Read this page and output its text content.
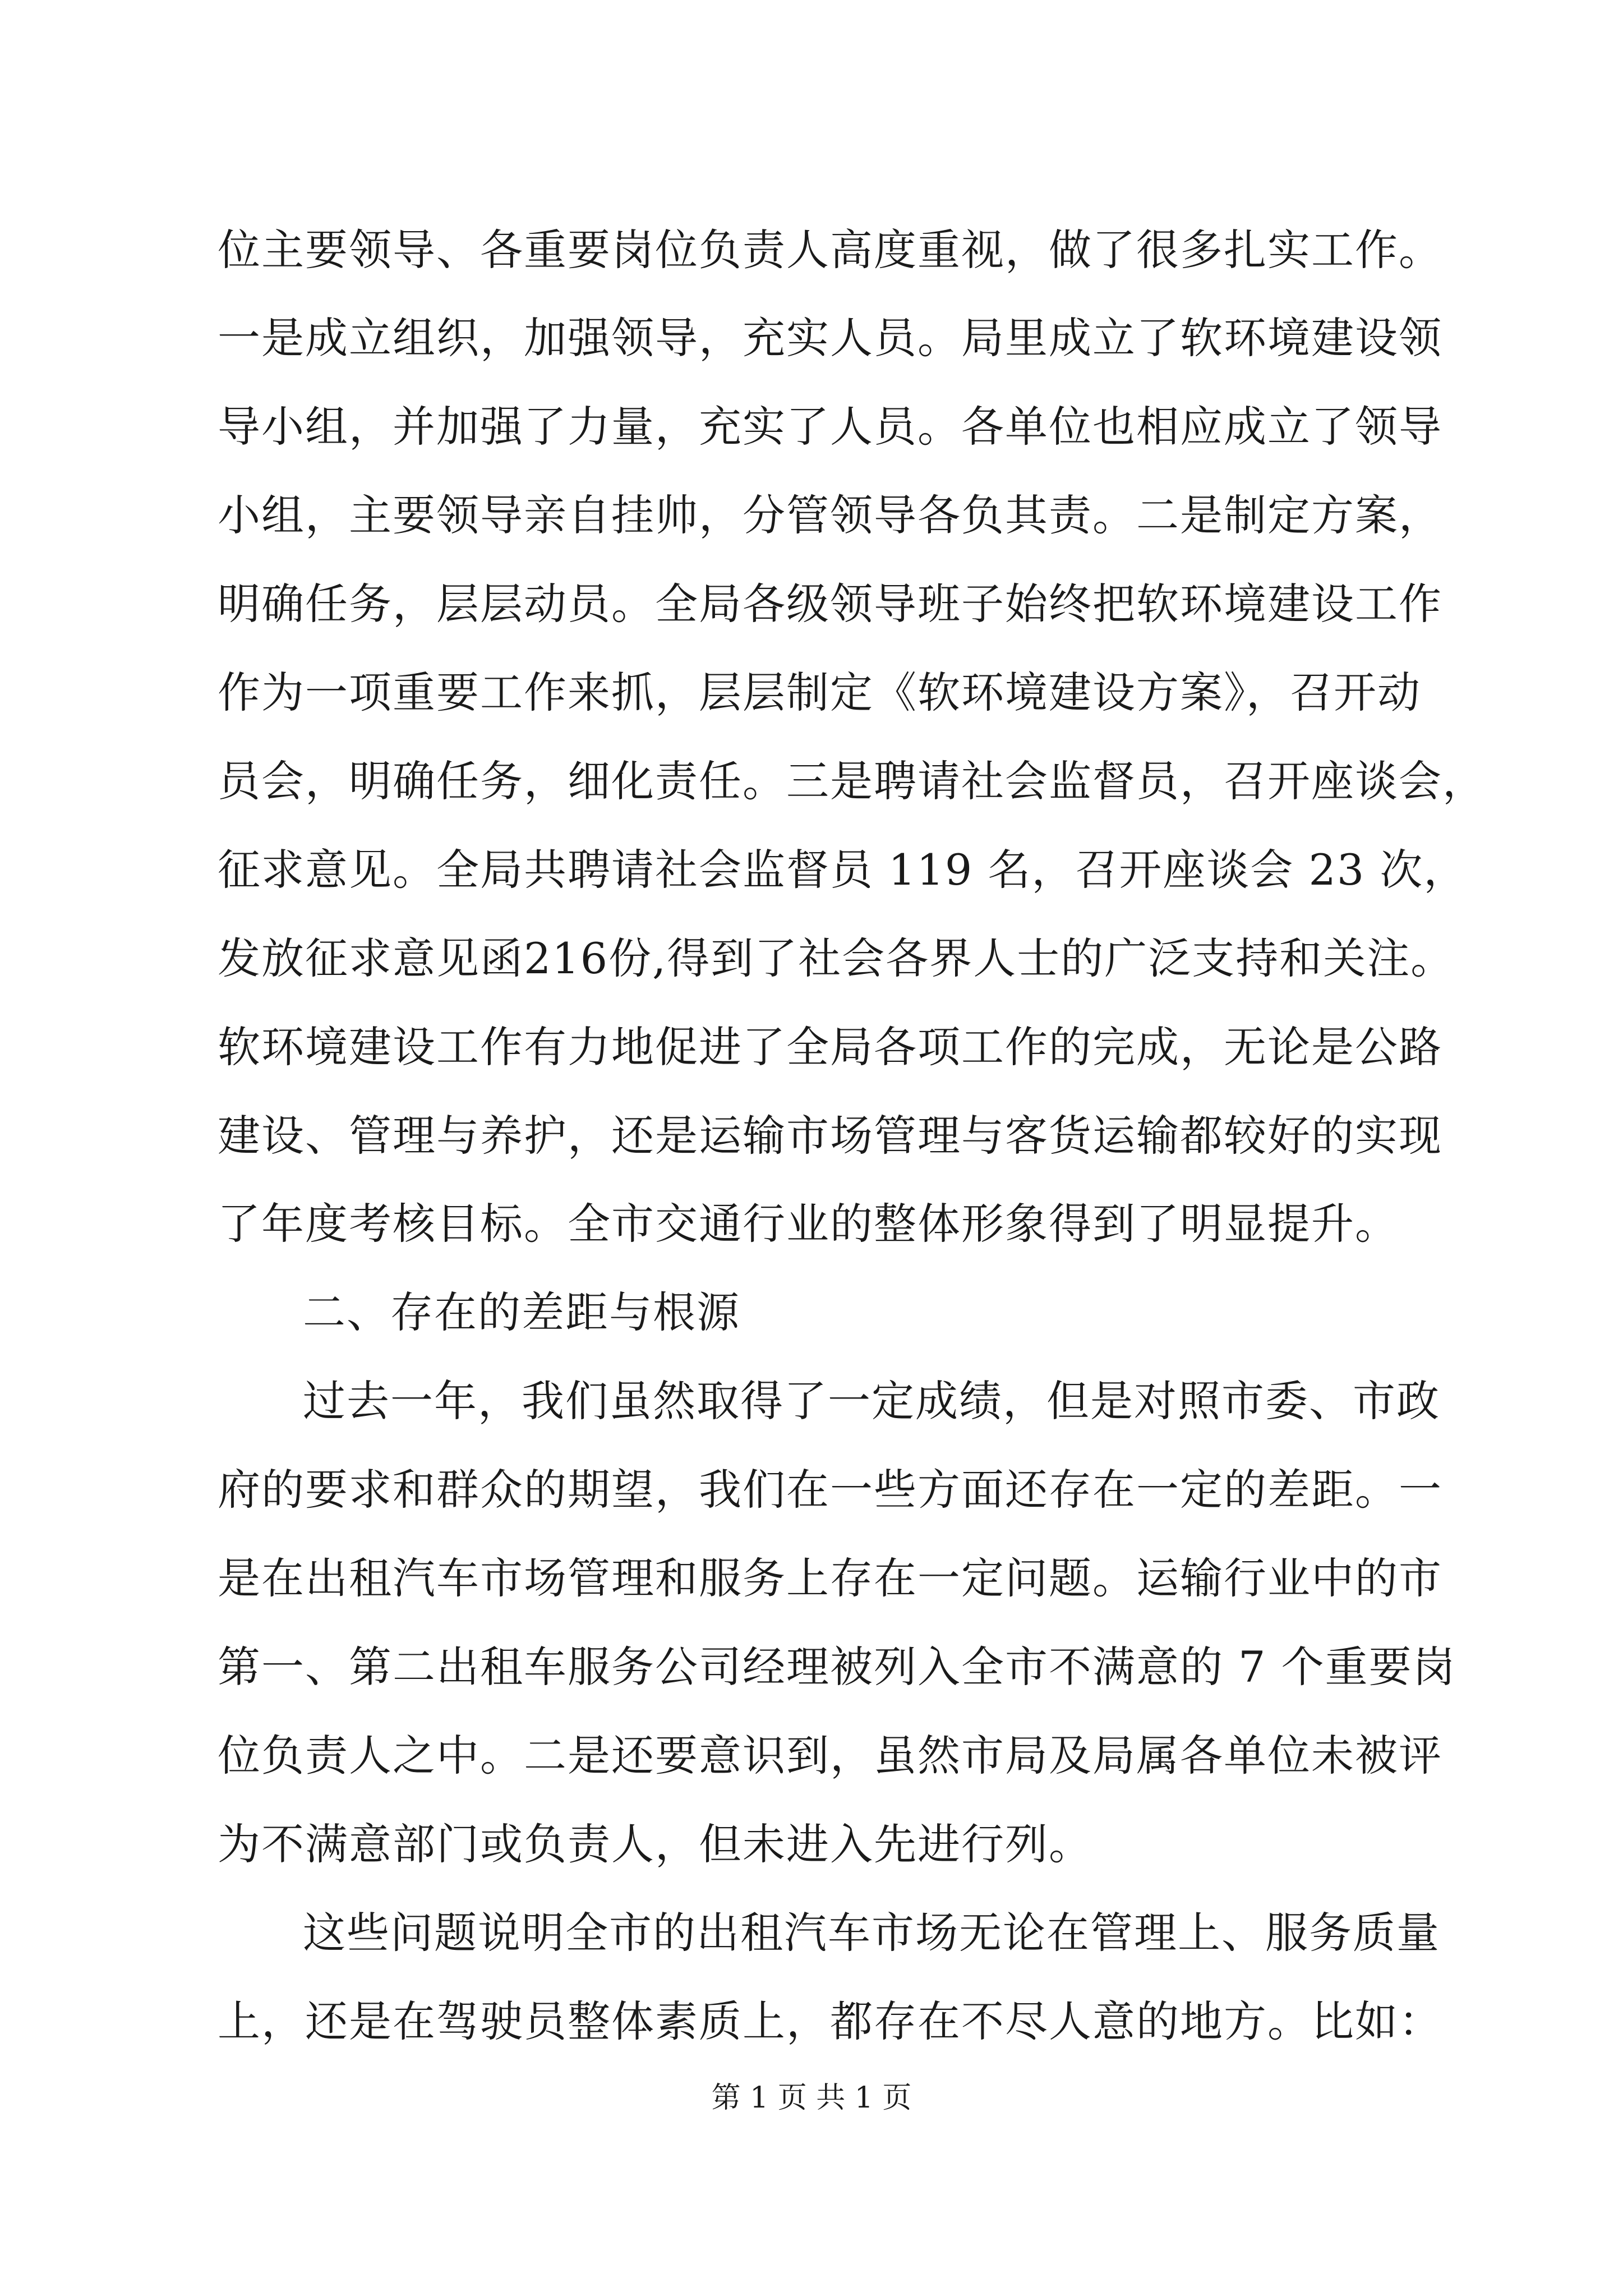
位主要领导、各重要岗位负责人高度重视，做了很多扎实工作。
一是成立组织，加强领导，充实人员。局里成立了软环境建设领
导小组，并加强了力量，充实了人员。各单位也相应成立了领导
小组，主要领导亲自挂帅，分管领导各负其责。二是制定方案，
明确任务，层层动员。全局各级领导班子始终把软环境建设工作
作为一项重要工作来抓，层层制定《软环境建设方案》，召开动
员会，明确任务，细化责任。三是聘请社会监督员，召开座谈会，
征求意见。全局共聘请社会监督员 119 名，召开座谈会 23 次，
发放征求意见函216份,得到了社会各界人士的广泛支持和关注。
软环境建设工作有力地促进了全局各项工作的完成，无论是公路
建设、管理与养护，还是运输市场管理与客货运输都较好的实现
了年度考核目标。全市交通行业的整体形象得到了明显提升。
二、存在的差距与根源
过去一年，我们虽然取得了一定成绩，但是对照市委、市政
府的要求和群众的期望，我们在一些方面还存在一定的差距。一
是在出租汽车市场管理和服务上存在一定问题。运输行业中的市
第一、第二出租车服务公司经理被列入全市不满意的 7 个重要岗
位负责人之中。二是还要意识到，虽然市局及局属各单位未被评
为不满意部门或负责人，但未进入先进行列。
这些问题说明全市的出租汽车市场无论在管理上、服务质量
上，还是在驾驶员整体素质上，都存在不尽人意的地方。比如：
第 1 页 共 1 页
